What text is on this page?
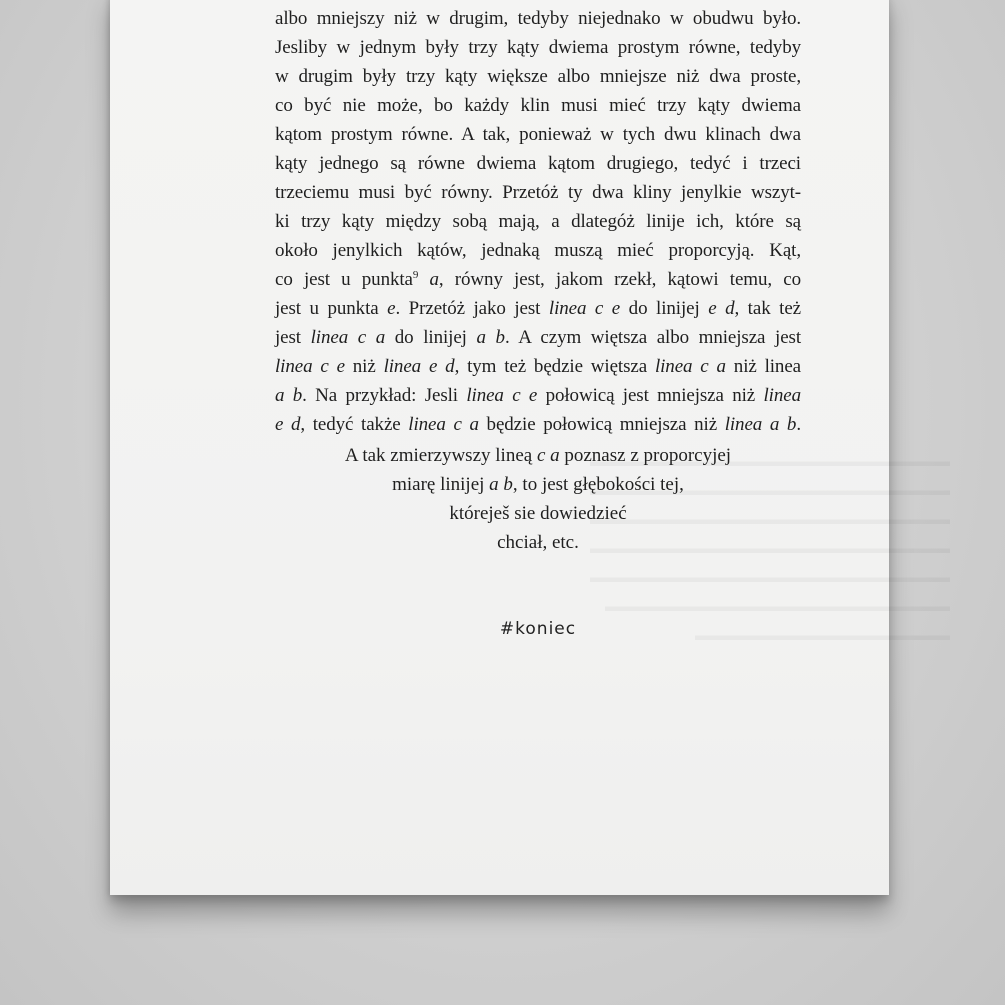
albo mniejszy niż w drugim, tedyby niejednako w obudwu było.
Jesliby w jednym były trzy kąty dwiema prostym równe, tedyby
w drugim były trzy kąty większe albo mniejsze niż dwa proste,
co być nie może, bo każdy klin musi mieć trzy kąty dwiema
kątom prostym równe. A tak, ponieważ w tych dwu klinach dwa
kąty jednego są równe dwiema kątom drugiego, tedyć i trzeci
trzeciemu musi być równy. Przetóż ty dwa kliny jenylkie wszyt-
ki trzy kąty między sobą mają, a dlategóż linije ich, które są
około jenylkich kątów, jednaką muszą mieć proporcyją. Kąt,
co jest u punkta$^9$ a, równy jest, jakom rzekł, kątowi temu, co
jest u punkta e. Przetóż jako jest linea c e do linijej e d, tak też
jest linea c a do linijej a b. A czym więtsza albo mniejsza jest
linea c e niż linea e d, tym też będzie więtsza linea c a niż linea
a b. Na przykład: Jesli linea c e połowicą jest mniejsza niż linea
e d, tedyć także linea c a będzie połowicą mniejsza niż linea a b.
A tak zmierzywszy lineą c a poznasz z proporcyjej
miarę linijej a b, to jest głębokości tej,
któreješ sie dowiedzieć
chciał, etc.
#koniec
